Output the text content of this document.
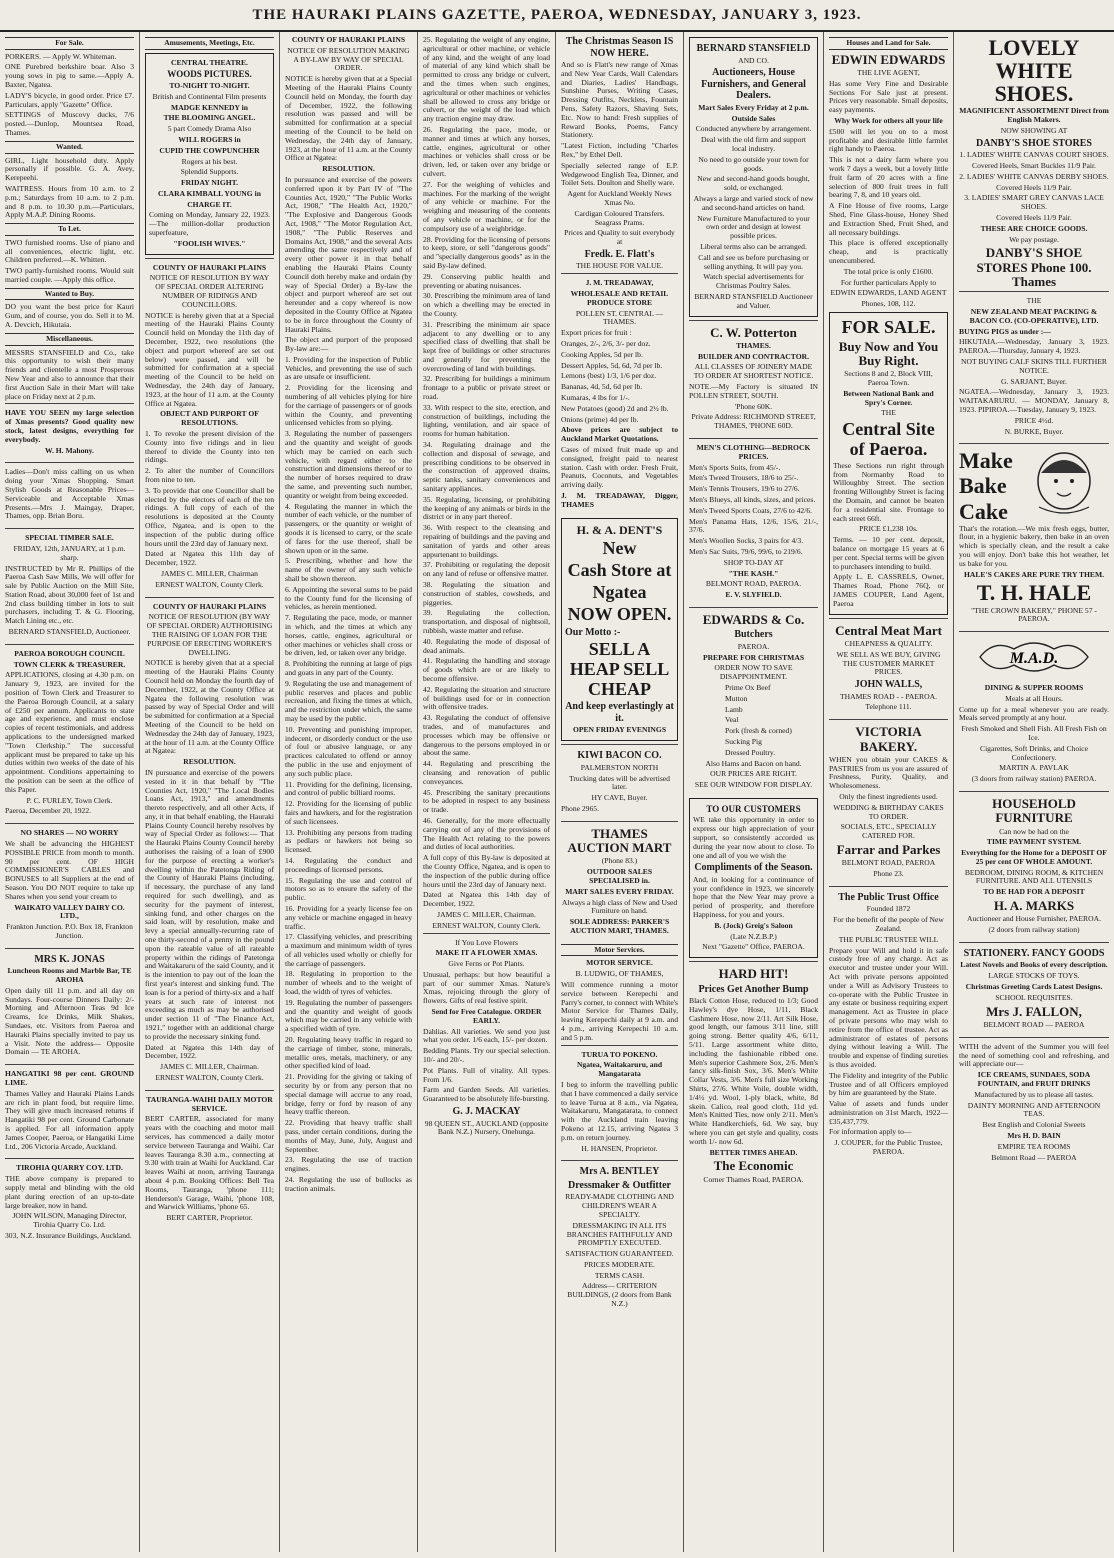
THE HAURAKI PLAINS GAZETTE, PAEROA, WEDNESDAY, JANUARY 3, 1923.
For Sale.

PORKERS. — Apply W. Whiteman.

ONE Purebred berkshire boar. Also 3 young sows in pig to same.—Apply A. Baxter, Ngatea.

LADY'S bicycle, in good order. Price £7. Particulars, apply "Gazette" Office.

SETTINGS of Muscovy ducks, 7/6 posted.—Dunlop, Mountsea Road, Thames.

Wanted.

GIRL, Light household duty. Apply personally if possible. G. A. Avey, Kerepeehi.

WAITRESS. Hours from 10 a.m. to 2 p.m.; Saturdays from 10 a.m. to 2 p.m. and 8 p.m. to 10.30 p.m.—Particulars, Apply M.A.P. Dining Rooms.

To Let.

TWO furnished rooms. Use of piano and all conveniences, electric light, etc. Children preferred.—K. Whitten.

TWO partly-furnished rooms. Would suit married couple. —Apply this office.

Wanted to Buy.

DO you want the best price for Kauri Gum, and of course, you do. Sell it to M. A. Devcich, Hikutaia.

Miscellaneous.

MESSRS STANSFIELD and Co., take this opportunity to wish their many friends and clientelle a most Prosperous New Year and also to announce that their first Auction Sale in their Mart will take place on Friday next at 2 p.m.

HAVE YOU SEEN my large selection of Xmas presents? Good quality new stock, latest designs, everything for everybody.

W. H. Mahony.

Ladies—Don't miss calling on us when doing your 'Xmas Shopping. Smart Stylish Goods at Reasonable Prices—Serviceable and Acceptable Xmas Presents.—Mrs J. Maingay, Draper, Thames, opp. Brian Boru.

SPECIAL TIMBER SALE.

FRIDAY, 12th, JANUARY, at 1 p.m. sharp.

INSTRUCTED by Mr R. Phillips of the Paeroa Cash Saw Mills, We will offer for sale by Public Auction on the Mill Site, Station Road, about 30,000 feet of 1st and 2nd class building timber in lots to suit purchasers, including T. & G. Flooring, Match Lining etc., etc.

BERNARD STANSFIELD, Auctioneer.

PAEROA BOROUGH COUNCIL

TOWN CLERK & TREASURER.

APPLICATIONS, closing at 4.30 p.m. on January 9, 1923, are invited for the position of Town Clerk and Treasurer to the Paeroa Borough Council, at a salary of £250 per annum. Applicants to state age and experience, and must enclose copies of recent testimonials, and address applications to the undersigned marked "Town Clerkship." The successful applicant must be prepared to take up his duties within two weeks of the date of his appointment. Conditions appertaining to the position can be seen at the office of this Paper.

P. C. FURLEY, Town Clerk.

Paeroa, December 20, 1922.

NO SHARES — NO WORRY

We shall be advancing the HIGHEST POSSIBLE PRICE from month to month. 90 per cent. OF HIGH COMMISSIONER'S CABLES and BONUSES to all Suppliers at the end of Season. You DO NOT require to take up Shares when you send your cream to

WAIKATO VALLEY DAIRY CO. LTD.,

Frankton Junction. P.O. Box 18, Frankton Junction.

MRS K. JONAS

Luncheon Rooms and Marble Bar, TE AROHA

Open daily till 11 p.m. and all day on Sundays. Four-course Dinners Daily: 2/- Morning and Afternoon Teas 9d Ice Creams, Ice Drinks, Milk Shakes, Sundaes, etc. Visitors from Paeroa and Hauraki Plains specially invited to pay us a Visit. Note the address— Opposite Domain — TE AROHA.

HANGATIKI 98 per cent. GROUND LIME.

Thames Valley and Hauraki Plains Lands are rich in plant food, but require lime. They will give much increased returns if Hangatiki 98 per cent. Ground Carbonate is applied. For all information apply James Cooper, Paeroa, or Hangatiki Lime Ltd., 206 Victoria Arcade, Auckland.

TIROHIA QUARRY COY. LTD.

THE above company is prepared to supply metal and blinding with the old plant during erection of an up-to-date large breaker, now in hand.

JOHN WILSON, Managing Director, Tirohia Quarry Co. Ltd.

303, N.Z. Insurance Buildings, Auckland.

Amusements, Meetings, Etc.

CENTRAL THEATRE.

WOODS PICTURES.

TO-NIGHT TO-NIGHT.

British and Continental Film presents

MADGE KENNEDY in

THE BLOOMING ANGEL.

5 part Comedy Drama Also

WILL ROGERS in

CUPID THE COWPUNCHER

Rogers at his best.

Splendid Supports.

FRIDAY NIGHT.

CLARA KIMBALL YOUNG in

CHARGE IT.

Coming on Monday, January 22, 1923.—The million-dollar production superfeature,

"FOOLISH WIVES."

COUNTY OF HAURAKI PLAINS

NOTICE OF RESOLUTION BY WAY OF SPECIAL ORDER ALTERING NUMBER OF RIDINGS AND COUNCILLORS.

NOTICE is hereby given that at a Special meeting of the Hauraki Plains County Council held on Monday the 11th day of December, 1922, two resolutions (the object and purport whereof are set out below) were passed, and will be submitted for confirmation at a special meeting of the Council to be held on Wednesday, the 24th day of January, 1923, at the hour of 11 a.m. at the County Office at Ngatea.

OBJECT AND PURPORT OF RESOLUTIONS.

1. To revoke the present division of the County into five ridings and in lieu thereof to divide the County into ten ridings.

2. To alter the number of Councillors from nine to ten.

3. To provide that one Councillor shall be elected by the electors of each of the ten ridings. A full copy of each of the resolutions is deposited at the County Office, Ngatea, and is open to the inspection of the public during office hours until the 23rd day of January next.

Dated at Ngatea this 11th day of December, 1922.

JAMES C. MILLER, Chairman

ERNEST WALTON, County Clerk.

COUNTY OF HAURAKI PLAINS

NOTICE OF RESOLUTION (BY WAY OF SPECIAL ORDER) AUTHORISING THE RAISING OF LOAN FOR THE PURPOSE OF ERECTING WORKER'S DWELLING.

NOTICE is hereby given that at a special meeting of the Hauraki Plains County Council held on Monday the fourth day of December, 1922, at the County Office at Ngatea the following resolution was passed by way of Special Order and will be submitted for confirmation at a Special Meeting of the Council to be held on Wednesday the 24th day of January, 1923, at the hour of 11 a.m. at the County Office at Ngatea:

RESOLUTION.

IN pursuance and exercise of the powers vested in it in that behalf by "The Counties Act, 1920," "The Local Bodies Loans Act, 1913," and amendments thereto respectively, and all other Acts, if any, it in that behalf enabling, the Hauraki Plains County Council hereby resolves by way of Special Order as follows:— That the Hauraki Plains County Council hereby authorises the raising of a loan of £900 for the purpose of erecting a worker's dwelling within the Patetonga Riding of the County of Hauraki Plains (including, if necessary, the purchase of any land required for such dwelling), and as security for the payment of interest, sinking fund, and other charges on the said loan, will by resolution, make and levy a special annually-recurring rate of one thirty-second of a penny in the pound upon the rateable value of all rateable property within the ridings of Patetonga and Waitakaruru of the said County, and it is the intention to pay out of the loan the first year's interest and sinking fund. The loan is for a period of thirty-six and a half years at such rate of interest not exceeding as much as may be authorised under section 11 of "The Finance Act, 1921," together with an additional charge to provide the necessary sinking fund.

Dated at Ngatea this 14th day of December, 1922.

JAMES C. MILLER, Chairman.

ERNEST WALTON, County Clerk.

TAURANGA-WAIHI DAILY MOTOR SERVICE.

BERT CARTER, associated for many years with the coaching and motor mail services, has commenced a daily motor service between Tauranga and Waihi. Car leaves Tauranga 8.30 a.m., connecting at 9.30 with train at Waihi for Auckland. Car leaves Waihi at noon, arriving Tauranga about 4 p.m. Booking Offices: Bell Tea Rooms, Tauranga, 'phone 111; Henderson's Garage, Waihi, 'phone 108, and Warwick Williams, 'phone 65.

BERT CARTER, Proprietor.

COUNTY OF HAURAKI PLAINS

NOTICE OF RESOLUTION MAKING A BY-LAW BY WAY OF SPECIAL ORDER.

NOTICE is hereby given that at a Special Meeting of the Hauraki Plains County Council held on Monday, the fourth day of December, 1922, the following resolution was passed and will be submitted for confirmation at a special meeting of the Council to be held on Wednesday, the 24th day of January, 1923, at the hour of 11 a.m. at the County Office at Ngatea:

RESOLUTION.

In pursuance and exercise of the powers conferred upon it by Part IV of "The Counties Act, 1920," "The Public Works Act, 1908," "The Health Act, 1920," "The Explosive and Dangerous Goods Act, 1908," "The Motor Regulation Act, 1908," "The Public Reserves and Domains Act, 1908," and the several Acts amending the same respectively and of every other power it in that behalf enabling the Hauraki Plains County Council doth hereby make and ordain (by way of Special Order) a By-law the object and purport whereof are set out hereunder and a copy whereof is now deposited in the County Office at Ngatea to be in force throughout the County of Hauraki Plains.

The object and purport of the proposed By-law are:—

1. Providing for the inspection of Public Vehicles, and preventing the use of such as are unsafe or insufficient.

2. Providing for the licensing and numbering of all vehicles plying for hire for the carriage of passengers or of goods within the County, and preventing unlicensed vehicles from so plying.

3. Regulating the number of passengers and the quantity and weight of goods which may be carried on each such vehicle, with regard either to the construction and dimensions thereof or to the number of horses required to draw the same, and preventing such number, quantity or weight from being exceeded.

4. Regulating the manner in which the number of each vehicle, or the number of passengers, or the quantity or weight of goods it is licensed to carry, or the scale of fares for the use thereof, shall be shown upon or in the same.

5. Prescribing, whether and how the name of the owner of any such vehicle shall be shown thereon.

6. Appointing the several sums to be paid to the County fund for the licensing of vehicles, as herein mentioned.

7. Regulating the pace, mode, or manner in which, and the times at which any horses, cattle, engines, agricultural or other machines or vehicles shall cross or be driven, led, or taken over any bridge.

8. Prohibiting the running at large of pigs and goats in any part of the County.

9. Regulating the use and management of public reserves and places and public recreation, and fixing the times at which, and the restriction under which, the same may be used by the public.

10. Preventing and punishing improper, indecent, or disorderly conduct or the use of foul or abusive language, or any practices calculated to offend or annoy the public in the use and enjoyment of any such public place.

11. Providing for the defining, licensing, and control of public billiard rooms.

12. Providing for the licensing of public fairs and hawkers, and for the registration of such licensees.

13. Prohibiting any persons from trading as pedlars or hawkers not being so licensed.

14. Regulating the conduct and proceedings of licensed persons.

15. Regulating the use and control of motors so as to ensure the safety of the public.

16. Providing for a yearly license fee on any vehicle or machine engaged in heavy traffic.

17. Classifying vehicles, and prescribing a maximum and minimum width of tyres of all vehicles used wholly or chiefly for the carriage of passengers.

18. Regulating in proportion to the number of wheels and to the weight of load, the width of tyres of vehicles.

19. Regulating the number of passengers and the quantity and weight of goods which may be carried in any vehicle with a specified width of tyre.

20. Regulating heavy traffic in regard to the carriage of timber, stone, minerals, metallic ores, metals, machinery, or any other specified kind of load.

21. Providing for the giving or taking of security by or from any person that no special damage will accrue to any road, bridge, ferry or ford by reason of any heavy traffic thereon.

22. Providing that heavy traffic shall pass, under certain conditions, during the months of May, June, July, August and September.

23. Regulating the use of traction engines.

24. Regulating the use of bullocks as traction animals.

25. Regulating the weight of any engine, agricultural or other machine, or vehicle of any kind, and the weight of any load of material of any kind which shall be permitted to cross any bridge or culvert, and the times when such engines, agricultural or other machines or vehicles shall be allowed to cross any bridge or culvert, or the weight of the load which any traction engine may draw.

26. Regulating the pace, mode, or manner and times at which any horses, cattle, engines, agricultural or other machines or vehicles shall cross or be driven, led, or taken over any bridge or culvert.

27. For the weighing of vehicles and machines. For the marking of the weight of any vehicle or machine. For the weighing and measuring of the contents of any vehicle or machine, or for the compulsory use of a weighbridge.

28. Providing for the licensing of persons to keep, store, or sell "dangerous goods" and "specially dangerous goods" as in the said By-law defined.

29. Conserving public health and preventing or abating nuisances.

30. Prescribing the minimum area of land on which a dwelling may be erected in the County.

31. Prescribing the minimum air space adjacent to any dwelling or to any specified class of dwelling that shall be kept free of buildings or other structures and generally for preventing the overcrowding of land with buildings.

32. Prescribing for buildings a minimum frontage to a public or private street or road.

33. With respect to the site, erection, and construction of buildings, including the lighting, ventilation, and air space of rooms for human habitation.

34. Regulating drainage and the collection and disposal of sewage, and prescribing conditions to be observed in the construction of approved drains, septic tanks, sanitary conveniences and sanitary appliances.

35. Regulating, licensing, or prohibiting the keeping of any animals or birds in the district or in any part thereof.

36. With respect to the cleansing and repairing of buildings and the paving and sanitation of yards and other areas appurtenant to buildings.

37. Prohibiting or regulating the deposit on any land of refuse or offensive matter.

38. Regulating the situation and construction of stables, cowsheds, and piggeries.

39. Regulating the collection, transportation, and disposal of nightsoil, rubbish, waste matter and refuse.

40. Regulating the mode of disposal of dead animals.

41. Regulating the handling and storage of goods which are or are likely to become offensive.

42. Regulating the situation and structure of buildings used for or in connection with offensive trades.

43. Regulating the conduct of offensive trades, and of manufactures and processes which may be offensive or dangerous to the persons employed in or about the same.

44. Regulating and prescribing the cleansing and renovation of public conveyances.

45. Prescribing the sanitary precautions to be adopted in respect to any business or trade.

46. Generally, for the more effectually carrying out of any of the provisions of The Health Act relating to the powers and duties of local authorities.

A full copy of this By-law is deposited at the County Office, Ngatea, and is open to the inspection of the public during office hours until the 23rd day of January next.

Dated at Ngatea this 14th day of December, 1922.

JAMES C. MILLER, Chairman.

ERNEST WALTON, County Clerk.

If You Love Flowers

MAKE IT A FLOWER XMAS.

Give Ferns or Pot Plants.

Unusual, perhaps: but how beautiful a part of our summer Xmas. Nature's Xmas, rejoicing through the glory of flowers. Gifts of real festive spirit.

Send for Free Catalogue. ORDER EARLY.

Dahlias. All varieties. We send you just what you order. 1/6 each, 15/- per dozen.

Bedding Plants. Try our special selection. 10/- and 20/-.

Pot Plants. Full of vitality. All types. From 1/6.

Farm and Garden Seeds. All varieties. Guaranteed to be absolutely life-bursting.

G. J. MACKAY

98 QUEEN ST., AUCKLAND (opposite Bank N.Z.) Nursery, Onehunga.

The Christmas Season IS NOW HERE.

And so is Flatt's new range of Xmas and New Year Cards, Wall Calendars and Diaries, Ladies' Handbags, Sunshine Purses, Writing Cases, Dressing Outfits, Necklets, Fountain Pens, Safety Razors, Shaving Sets, Etc. Now to hand: Fresh supplies of Reward Books, Poems, Fancy Stationery.

"Latest Fiction, including "Charles Rex," by Ethel Dell.

Specially selected range of E.P. Wedgewood English Tea, Dinner, and Toilet Sets. Doulton and Shelly ware.

Agent for Auckland Weekly News Xmas No.

Cardigan Coloured Transfers. Seagrass Prams.

Prices and Quality to suit everybody at

Fredk. E. Flatt's

THE HOUSE FOR VALUE.

J. M. TREADAWAY,

WHOLESALE AND RETAIL PRODUCE STORE

POLLEN ST. CENTRAL — THAMES.

Export prices for fruit :

Oranges, 2/-, 2/6, 3/- per doz.

Cooking Apples, 5d per lb.

Dessert Apples, 5d, 6d, 7d per lb.

Lemons (best) 1/3, 1/6 per doz.

Bananas, 4d, 5d, 6d per lb.

Kumaras, 4 lbs for 1/-.

New Potatoes (good) 2d and 2½ lb.

Onions (prime) 4d per lb.

Above prices are subject to Auckland Market Quotations.

Cases of mixed fruit made up and consigned, freight paid to nearest station. Cash with order. Fresh Fruit, Peanuts, Coconuts, and Vegetables arriving daily.

J. M. TREADAWAY, Digger, THAMES

H. & A. DENT'S

New

Cash Store at

Ngatea

NOW OPEN.

Our Motto :-

SELL A HEAP SELL CHEAP

And keep everlastingly at it.

OPEN FRIDAY EVENINGS

KIWI BACON CO.

PALMERSTON NORTH

Trucking dates will be advertised later.

HY CAVE, Buyer.

Phone 2965.

THAMES AUCTION MART

(Phone 83.)

OUTDOOR SALES SPECIALISED in.

MART SALES EVERY FRIDAY.

Always a high class of New and Used Furniture on hand.

SOLE ADDRESS: PARKER'S AUCTION MART, THAMES.

Motor Services.

MOTOR SERVICE.

B. LUDWIG, OF THAMES,

Will commence running a motor service between Kerepechi and Parry's corner, to connect with White's Motor Service for Thames Daily, leaving Kerepechi daily at 9 a.m. and 4 p.m., arriving Kerepechi 10 a.m. and 5 p.m.

TURUA TO POKENO.

Ngatea, Waitakaruru, and Mangatarata

I beg to inform the travelling public that I have commenced a daily service to leave Turua at 8 a.m., via Ngatea, Waitakaruru, Mangatarata, to connect with the Auckland train leaving Pokeno at 12.15, arriving Ngatea 3 p.m. on return journey.

H. HANSEN, Proprietor.

Mrs A. BENTLEY

Dressmaker & Outfitter

READY-MADE CLOTHING AND CHILDREN'S WEAR A SPECIALTY.

DRESSMAKING IN ALL ITS BRANCHES FAITHFULLY AND PROMPTLY EXECUTED.

SATISFACTION GUARANTEED.

PRICES MODERATE.

TERMS CASH.

Address— CRITERION BUILDINGS, (2 doors from Bank N.Z.)

BERNARD STANSFIELD

AND CO.

Auctioneers, House Furnishers, and General Dealers.

Mart Sales Every Friday at 2 p.m.

Outside Sales

Conducted anywhere by arrangement.

Deal with the old firm and support local industry.

No need to go outside your town for goods.

New and second-hand goods bought, sold, or exchanged.

Always a large and varied stock of new and second-hand articles on hand.

New Furniture Manufactured to your own order and design at lowest possible prices.

Liberal terms also can be arranged.

Call and see us before purchasing or selling anything. It will pay you.

Watch special advertisements for Christmas Poultry Sales.

BERNARD STANSFIELD Auctioneer and Valuer.

C. W. Potterton

THAMES.

BUILDER AND CONTRACTOR.

ALL CLASSES OF JOINERY MADE TO ORDER AT SHORTEST NOTICE.

NOTE.—My Factory is situated IN POLLEN STREET, SOUTH.

'Phone 60K.

Private Address: RICHMOND STREET, THAMES, 'PHONE 60D.

MEN'S CLOTHING—BEDROCK PRICES.

Men's Sports Suits, from 45/-.

Men's Tweed Trousers, 18/6 to 25/-.

Men's Tennis Trousers, 19/6 to 27/6.

Men's Blueys, all kinds, sizes, and prices.

Men's Tweed Sports Coats, 27/6 to 42/6.

Men's Panama Hats, 12/6, 15/6, 21/-, 37/6.

Men's Woollen Socks, 3 pairs for 4/3.

Men's Sac Suits, 79/6, 99/6, to 219/6.

SHOP TO-DAY AT

"THE KASH."

BELMONT ROAD, PAEROA.

E. V. SLYFIELD.

EDWARDS & Co.

Butchers

PAEROA.

PREPARE FOR CHRISTMAS

ORDER NOW TO SAVE DISAPPOINTMENT.

Prime Ox Beef

Mutton

Lamb

Veal

Pork (fresh & corned)

Sucking Pig

Dressed Poultry.

Also Hams and Bacon on hand.

OUR PRICES ARE RIGHT.

SEE OUR WINDOW FOR DISPLAY.

TO OUR CUSTOMERS

WE take this opportunity in order to express our high appreciation of your support, so consistently accorded us during the year now about to close. To one and all of you we wish the

Compliments of the Season.

And, in looking for a continuance of your confidence in 1923, we sincerely hope that the New Year may prove a period of prosperity, and therefore Happiness, for you and yours.

B. (Jock) Greig's Saloon

(Late N.Z.B.P.)

Next "Gazette" Office, PAEROA.

HARD HIT!

Prices Get Another Bump

Black Cotton Hose, reduced to 1/3; Good Hawley's dye Hose, 1/11, Black Cashmere Hose, now 2/11. Art Silk Hose, good length, our famous 3/11 line, still going strong. Better quality 4/6, 6/11, 5/11. Large assortment white ditto, including the fashionable ribbed one. Men's superior Cashmere Sox, 2/6. Men's fancy silk-finish Sox, 3/6. Men's White Collar Vests, 3/6. Men's full size Working Shirts, 27/6. White Voile, double width, 1/4½ yd. Wool, 1-ply black, white, 8d skein. Calico, real good cloth, 11d yd. Men's Knitted Ties, now only 2/11. Men's White Handkerchiefs, 6d. We say, buy where you can get style and quality, costs worth 1/- now 6d.

BETTER TIMES AHEAD.

The Economic

Corner Thames Road, PAEROA.

Houses and Land for Sale.

EDWIN EDWARDS

THE LIVE AGENT,

Has some Very Fine and Desirable Sections For Sale just at present. Prices very reasonable. Small deposits, easy payments.

Why Work for others all your life

£500 will let you on to a most profitable and desirable little farmlet right handy to Paeroa.

This is not a dairy farm where you work 7 days a week, but a lovely little fruit farm of 20 acres with a fine selection of 800 fruit trees in full bearing 7, 8, and 10 years old.

A Fine House of five rooms, Large Shed, Fine Glass-house, Honey Shed and Extraction Shed, Fruit Shed, and all necessary buildings.

This place is offered exceptionally cheap, and is practically unencumbered.

The total price is only £1600.

For further particulars Apply to

EDWIN EDWARDS, LAND AGENT

Phones, 108, 112.

FOR SALE.

Buy Now and You Buy Right.

Sections 8 and 2, Block VIII, Paeroa Town.

Between National Bank and Spry's Corner.

THE

Central Site of Paeroa.

These Sections run right through from Normanby Road to Willoughby Street. The section fronting Willoughby Street is facing the Domain, and cannot be beaten for a residential site. Frontage to each street 66ft.

PRICE £1,238 10s.

Terms. — 10 per cent. deposit, balance on mortgage 15 years at 6 per cent. Special terms will be given to purchasers intending to build.

Apply L. E. CASSRELS, Owner, Thames Road, Phone 76Q, or JAMES COUPER, Land Agent, Paeroa

Central Meat Mart

CHEAPNESS & QUALITY.

WE SELL AS WE BUY, GIVING THE CUSTOMER MARKET PRICES.

JOHN WALLS,

THAMES ROAD - - PAEROA.

Telephone 111.

VICTORIA BAKERY.

WHEN you obtain your CAKES & PASTRIES from us you are assured of Freshness, Purity, Quality, and Wholesomeness.

Only the finest ingredients used.

WEDDING & BIRTHDAY CAKES TO ORDER.

SOCIALS, ETC., SPECIALLY CATERED FOR.

Farrar and Parkes

BELMONT ROAD, PAEROA

Phone 23.

The Public Trust Office

Founded 1872

For the benefit of the people of New Zealand.

THE PUBLIC TRUSTEE WILL

Prepare your Will and hold it in safe custody free of any charge. Act as executor and trustee under your Will. Act with private persons appointed under a Will as Advisory Trustees to co-operate with the Public Trustee in any estate or business requiring expert management. Act as Trustee in place of private persons who may wish to retire from the office of trustee. Act as administrator of estates of persons dying without leaving a Will. The trouble and expense of finding sureties is thus avoided.

The Fidelity and integrity of the Public Trustee and of all Officers employed by him are guaranteed by the State.

Value of assets and funds under administration on 31st March, 1922—£35,437,779.

For information apply to—

J. COUPER, for the Public Trustee, PAEROA.

LOVELY WHITE SHOES.

MAGNIFICENT ASSORTMENT Direct from English Makers.

NOW SHOWING AT

DANBY'S SHOE STORES

1. LADIES' WHITE CANVAS COURT SHOES.

Covered Heels, Smart Buckles 11/9 Pair.

2. LADIES' WHITE CANVAS DERBY SHOES.

Covered Heels 11/9 Pair.

3. LADIES' SMART GREY CANVAS LACE SHOES.

Covered Heels 11/9 Pair.

THESE ARE CHOICE GOODS.

We pay postage.

DANBY'S SHOE STORES Phone 100. Thames

THE

NEW ZEALAND MEAT PACKING & BACON CO. (CO-OPERATIVE), LTD.

BUYING PIGS as under :—

HIKUTAIA.—Wednesday, January 3, 1923. PAEROA.—Thursday, January 4, 1923.

NOT BUYING CALF SKINS TILL FURTHER NOTICE.

G. SARJANT, Buyer.

NGATEA.—Wednesday, January 3, 1923. WAITAKARURU. — MONDAY, January 8, 1923. PIPIROA.—Tuesday, January 9, 1923.

PRICE 4½d.

N. BURKE, Buyer.

Make

Bake

Cake

That's the rotation.—We mix fresh eggs, butter, flour, in a hygienic bakery, then bake in an oven which is specially clean, and the result a cake you will enjoy. Don't bake this hot weather, let us bake for you.

HALE'S CAKES ARE PURE TRY THEM.

T. H. HALE

"THE CROWN BAKERY," PHONE 57 - PAEROA.

M.A.D.

DINING & SUPPER ROOMS

Meals at all Hours.

Come up for a meal whenever you are ready. Meals served promptly at any hour.

Fresh Smoked and Shell Fish. All Fresh Fish on Ice.

Cigarettes, Soft Drinks, and Choice Confectionery.

MARTIN A. PAVLAK

(3 doors from railway station) PAEROA.

HOUSEHOLD FURNITURE

Can now be had on the

TIME PAYMENT SYSTEM.

Everything for the Home for a DEPOSIT OF 25 per cent OF WHOLE AMOUNT.

BEDROOM, DINING ROOM, & KITCHEN FURNITURE. AND ALL UTENSILS

TO BE HAD FOR A DEPOSIT

H. A. MARKS

Auctioneer and House Furnisher, PAEROA.

(2 doors from railway station)

STATIONERY. FANCY GOODS

Latest Novels and Books of every description.

LARGE STOCKS OF TOYS.

Christmas Greeting Cards Latest Designs.

SCHOOL REQUISITES.

Mrs J. FALLON,

BELMONT ROAD — PAEROA

WITH the advent of the Summer you will feel the need of something cool and refreshing, and will appreciate our—

ICE CREAMS, SUNDAES, SODA FOUNTAIN, and FRUIT DRINKS

Manufactured by us to please all tastes.

DAINTY MORNING AND AFTERNOON TEAS.

Best English and Colonial Sweets

Mrs H. D. BAIN

EMPIRE TEA ROOMS

Belmont Road — PAEROA
